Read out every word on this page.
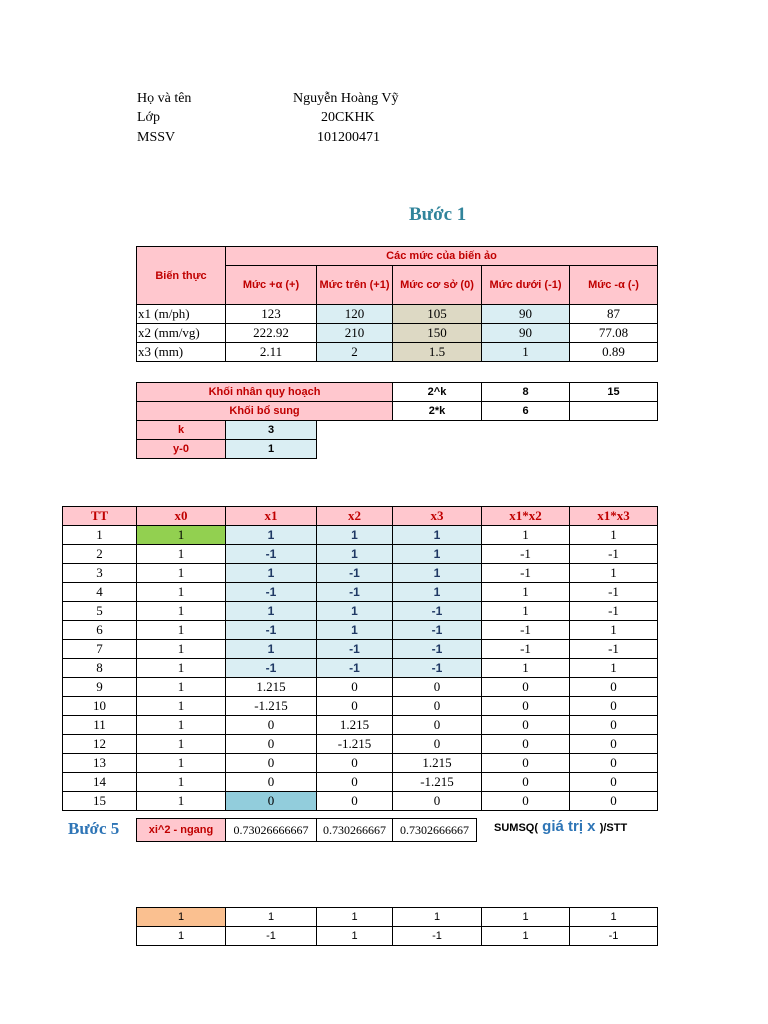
Họ và tên	Nguyễn Hoàng Vỹ
Lớp	20CKHK
MSSV	101200471
Bước 1
Biến thực	Các mức của biến ảo				
	Mức +α (+)	Mức trên (+1)	Mức cơ sở (0)	Mức dưới (-1)	Mức -α (-)
x1 (m/ph)	123	120	105	90	87
x2 (mm/vg)	222.92	210	150	90	77.08
x3 (mm)	2.11	2	1.5	1	0.89
Khối nhân quy hoạch			2^k	8	15
Khối bổ sung			2*k	6	
k	3				
y-0	1				
TT	x0	x1	x2	x3	x1*x2	x1*x3
1	1	1	1	1	1	1
2	1	-1	1	1	-1	-1
3	1	1	-1	1	-1	1
4	1	-1	-1	1	1	-1
5	1	1	1	-1	1	-1
6	1	-1	1	-1	-1	1
7	1	1	-1	-1	-1	-1
8	1	-1	-1	-1	1	1
9	1	1.215	0	0	0	0
10	1	-1.215	0	0	0	0
11	1	0	1.215	0	0	0
12	1	0	-1.215	0	0	0
13	1	0	0	1.215	0	0
14	1	0	0	-1.215	0	0
15	1	0	0	0	0	0
Bước 5	xi^2 - ngang	0.73026666667	0.730266667	0.7302666667 SUMSQ( giá trị x )/STT
1	1	1	1	1	1
1	-1	1	-1	1	-1
